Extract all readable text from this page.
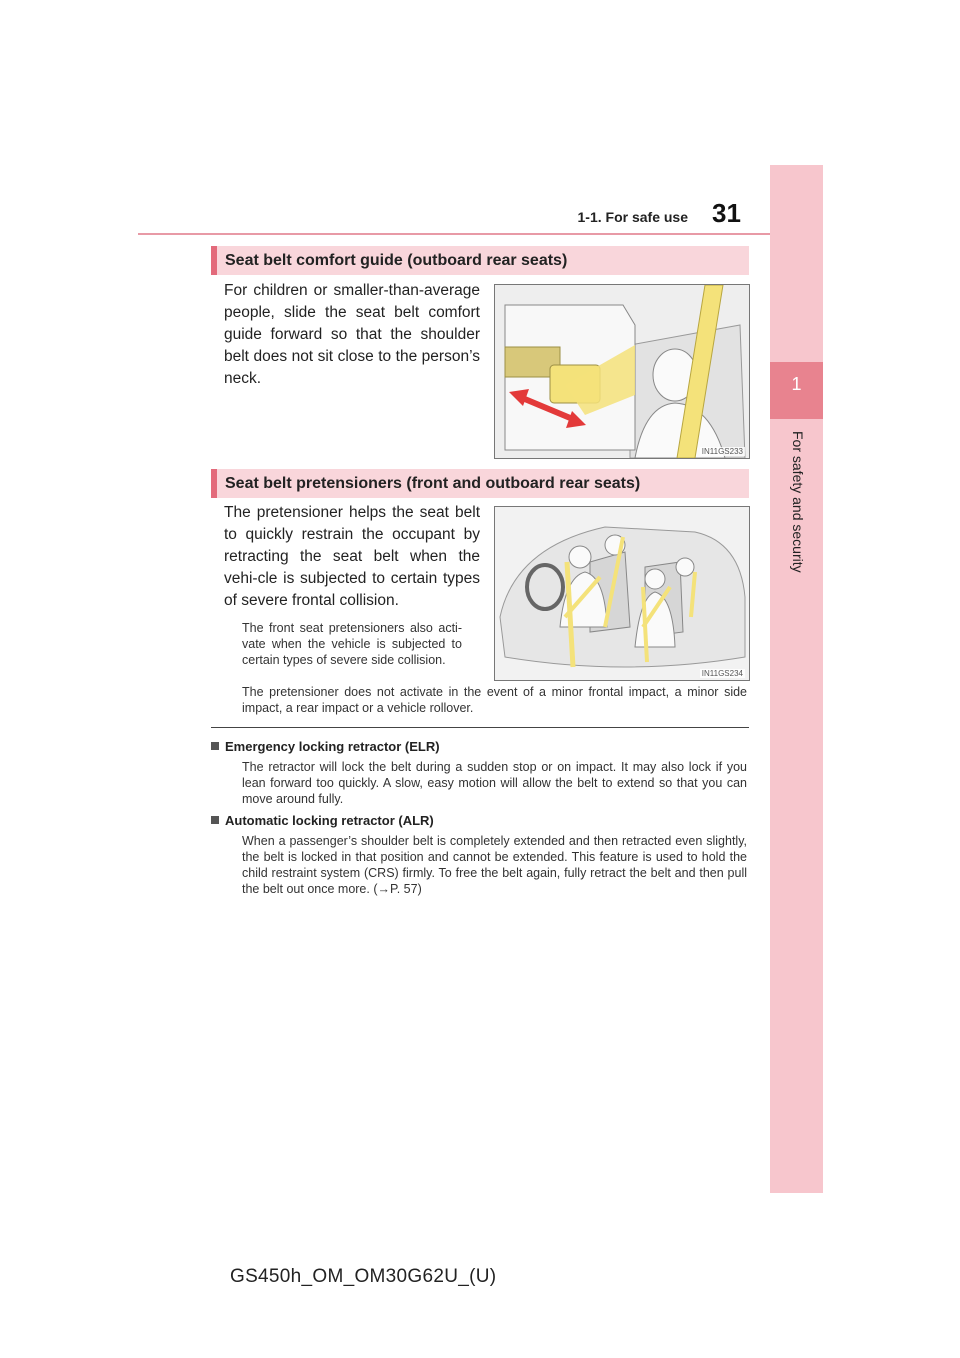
1-1. For safe use 31
1
For safety and security
Seat belt comfort guide (outboard rear seats)
For children or smaller-than-average people, slide the seat belt comfort guide forward so that the shoulder belt does not sit close to the person’s neck.
IN11GS233
Seat belt pretensioners (front and outboard rear seats)
The pretensioner helps the seat belt to quickly restrain the occupant by retracting the seat belt when the vehi-cle is subjected to certain types of severe frontal collision.
The front seat pretensioners also acti-vate when the vehicle is subjected to certain types of severe side collision.
IN11GS234
The pretensioner does not activate in the event of a minor frontal impact, a minor side impact, a rear impact or a vehicle rollover.
Emergency locking retractor (ELR)
The retractor will lock the belt during a sudden stop or on impact. It may also lock if you lean forward too quickly. A slow, easy motion will allow the belt to extend so that you can move around fully.
Automatic locking retractor (ALR)
When a passenger’s shoulder belt is completely extended and then retracted even slightly, the belt is locked in that position and cannot be extended. This feature is used to hold the child restraint system (CRS) firmly. To free the belt again, fully retract the belt and then pull the belt out once more. (→P. 57)
GS450h_OM_OM30G62U_(U)
